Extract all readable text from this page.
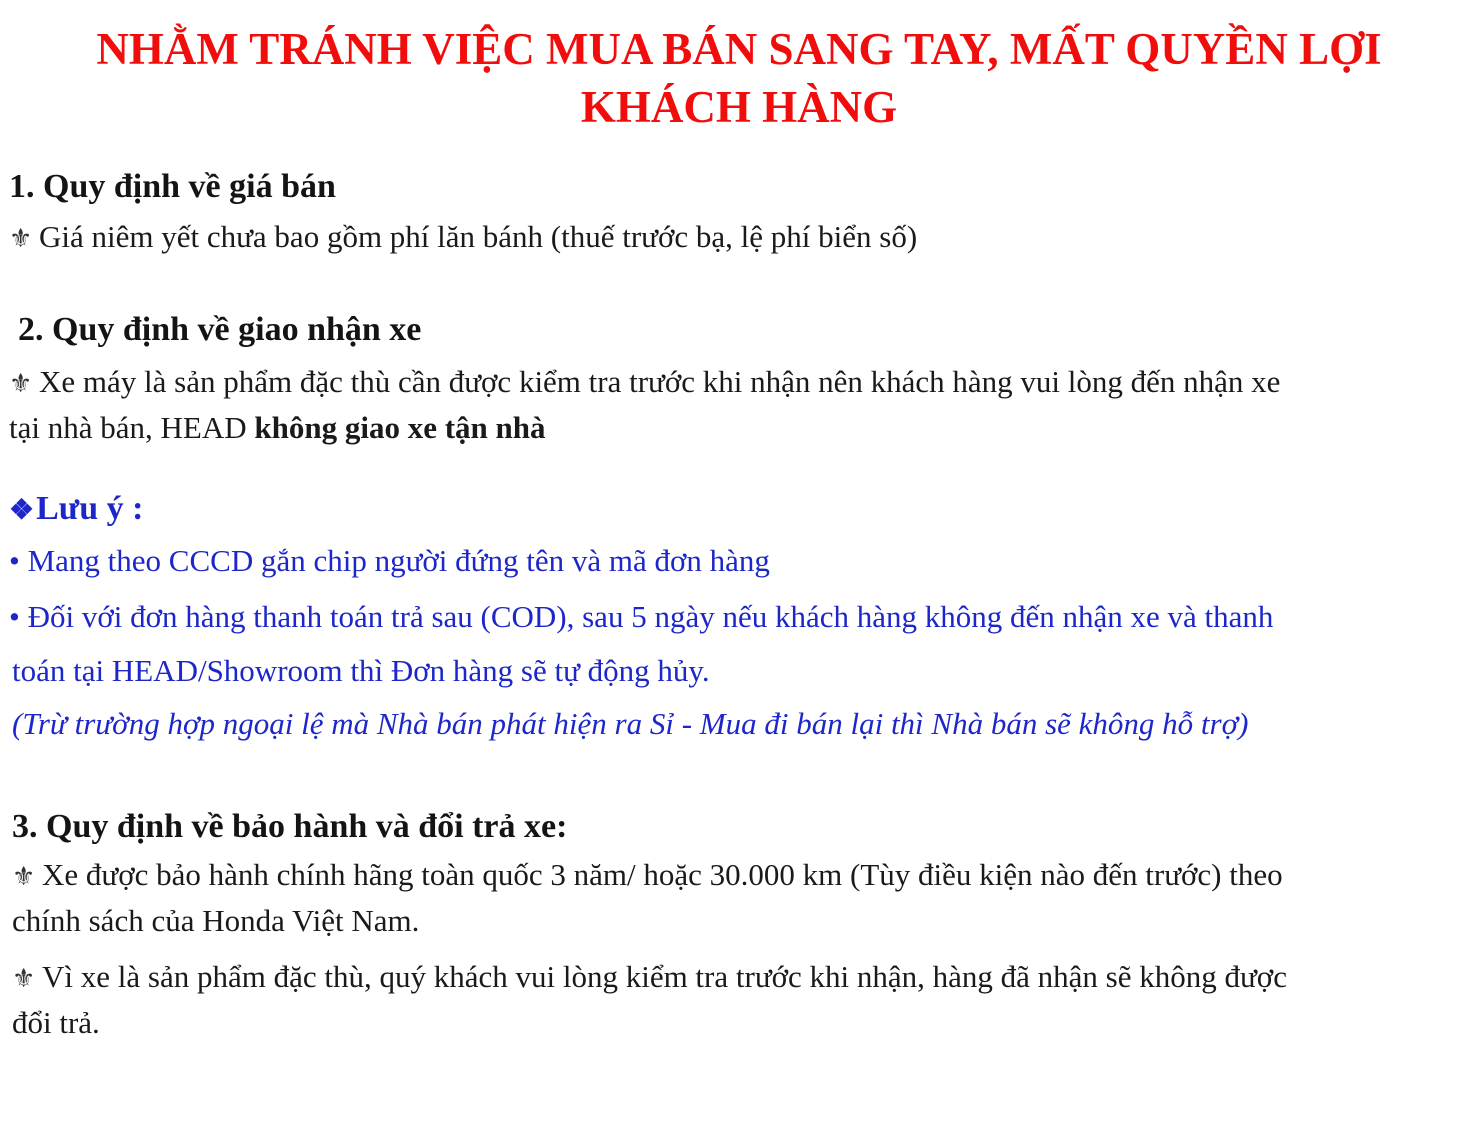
NHẰM TRÁNH VIỆC MUA BÁN SANG TAY, MẤT QUYỀN LỢI
KHÁCH HÀNG
1. Quy định về giá bán
⚜ Giá niêm yết chưa bao gồm phí lăn bánh (thuế trước bạ, lệ phí biển số)
2. Quy định về giao nhận xe
⚜ Xe máy là sản phẩm đặc thù cần được kiểm tra trước khi nhận nên khách hàng vui lòng đến nhận xe
tại nhà bán, HEAD không giao xe tận nhà
❖Lưu ý :
• Mang theo CCCD gắn chip người đứng tên và mã đơn hàng
• Đối với đơn hàng thanh toán trả sau (COD), sau 5 ngày nếu khách hàng không đến nhận xe và thanh
toán tại HEAD/Showroom thì Đơn hàng sẽ tự động hủy.
(Trừ trường hợp ngoại lệ mà Nhà bán phát hiện ra Sỉ - Mua đi bán lại thì Nhà bán sẽ không hỗ trợ)
3. Quy định về bảo hành và đổi trả xe:
⚜ Xe được bảo hành chính hãng toàn quốc 3 năm/ hoặc 30.000 km (Tùy điều kiện nào đến trước) theo
chính sách của Honda Việt Nam.
⚜ Vì xe là sản phẩm đặc thù, quý khách vui lòng kiểm tra trước khi nhận, hàng đã nhận sẽ không được
đổi trả.
